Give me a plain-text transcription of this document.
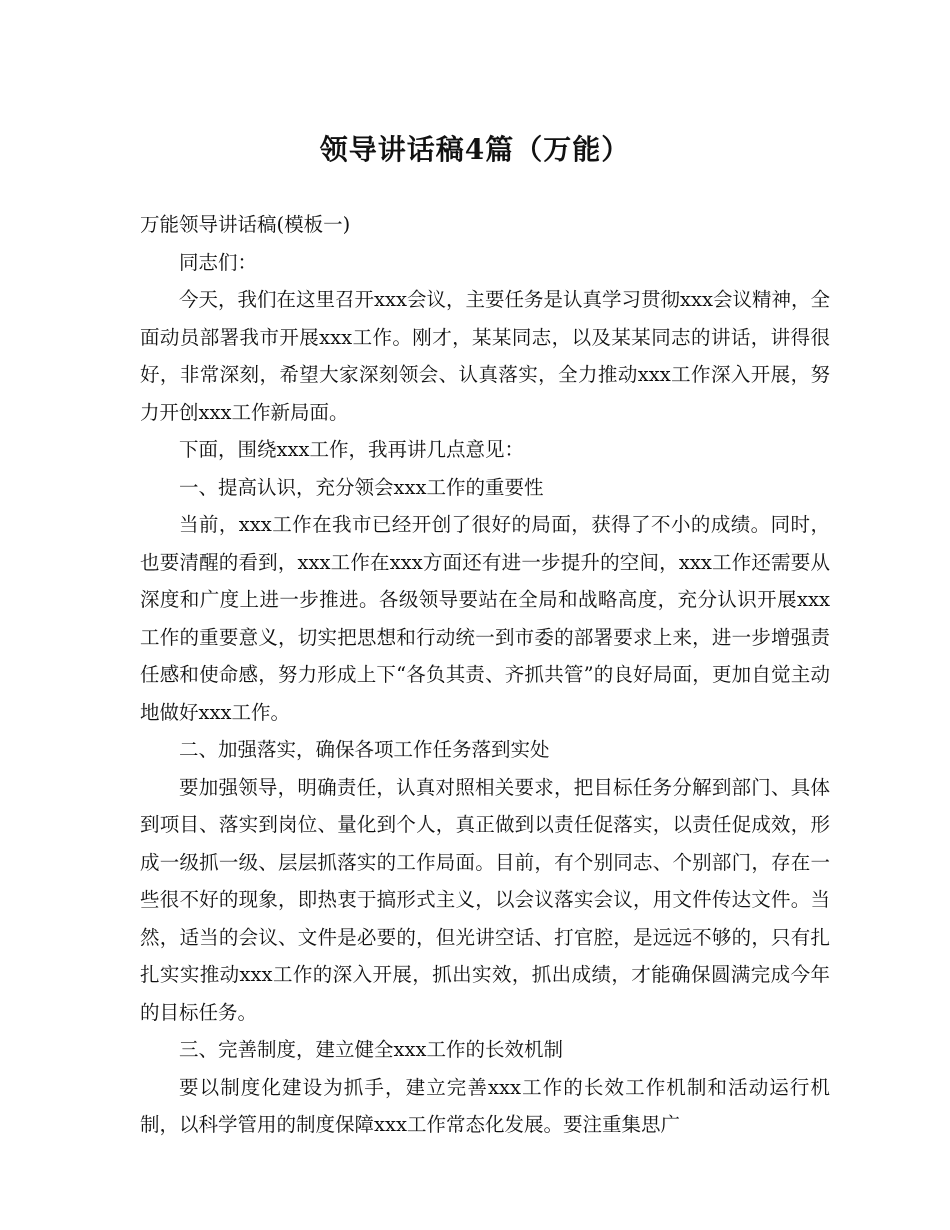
领导讲话稿4篇（万能）

万能领导讲话稿(模板一)

同志们：

今天，我们在这里召开xxx会议，主要任务是认真学习贯彻xxx会议精神，全面动员部署我市开展xxx工作。刚才，某某同志，以及某某同志的讲话，讲得很好，非常深刻，希望大家深刻领会、认真落实，全力推动xxx工作深入开展，努力开创xxx工作新局面。

下面，围绕xxx工作，我再讲几点意见：

一、提高认识，充分领会xxx工作的重要性

当前，xxx工作在我市已经开创了很好的局面，获得了不小的成绩。同时，也要清醒的看到，xxx工作在xxx方面还有进一步提升的空间，xxx工作还需要从深度和广度上进一步推进。各级领导要站在全局和战略高度，充分认识开展xxx工作的重要意义，切实把思想和行动统一到市委的部署要求上来，进一步增强责任感和使命感，努力形成上下“各负其责、齐抓共管”的良好局面，更加自觉主动地做好xxx工作。

二、加强落实，确保各项工作任务落到实处

要加强领导，明确责任，认真对照相关要求，把目标任务分解到部门、具体到项目、落实到岗位、量化到个人，真正做到以责任促落实，以责任促成效，形成一级抓一级、层层抓落实的工作局面。目前，有个别同志、个别部门，存在一些很不好的现象，即热衷于搞形式主义，以会议落实会议，用文件传达文件。当然，适当的会议、文件是必要的，但光讲空话、打官腔，是远远不够的，只有扎扎实实推动xxx工作的深入开展，抓出实效，抓出成绩，才能确保圆满完成今年的目标任务。

三、完善制度，建立健全xxx工作的长效机制

要以制度化建设为抓手，建立完善xxx工作的长效工作机制和活动运行机制，以科学管用的制度保障xxx工作常态化发展。要注重集思广
